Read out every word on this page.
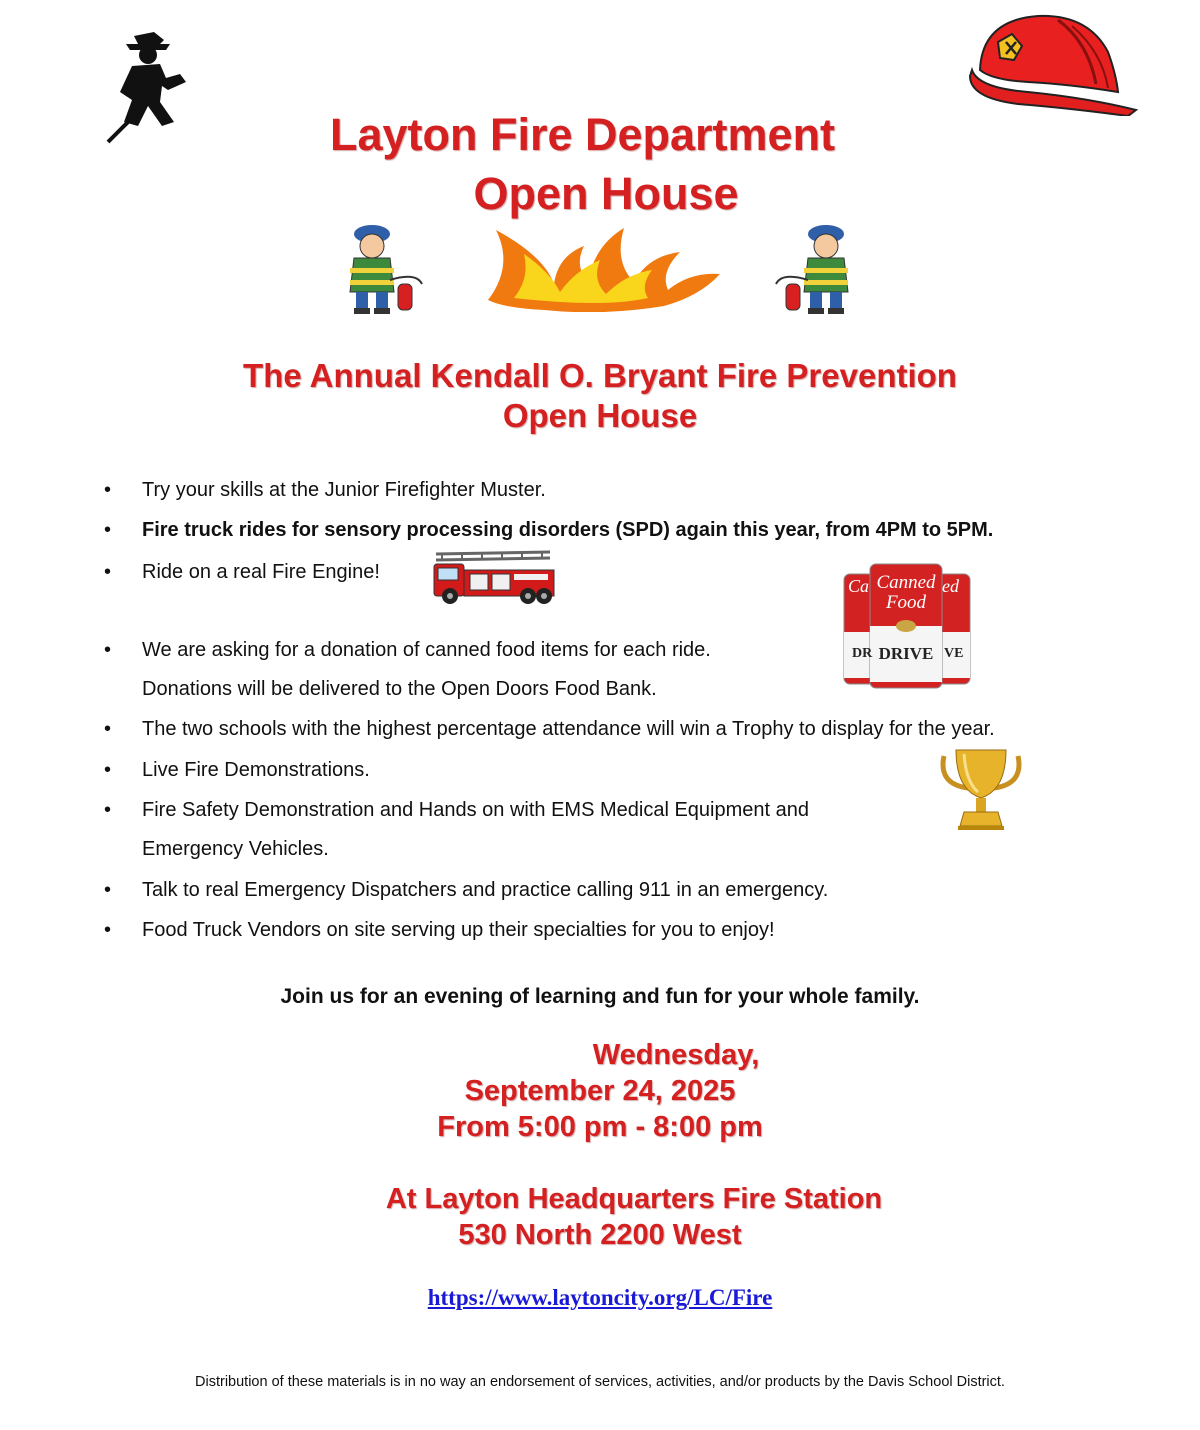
Layton Fire Department
Open House
The Annual Kendall O. Bryant Fire Prevention
Open House
• Try your skills at the Junior Firefighter Muster.
• Fire truck rides for sensory processing disorders (SPD) again this year, from 4PM to 5PM.
• Ride on a real Fire Engine!
• We are asking for a donation of canned food items for each ride.
Donations will be delivered to the Open Doors Food Bank.
• The two schools with the highest percentage attendance will win a Trophy to display for the year.
• Live Fire Demonstrations.
• Fire Safety Demonstration and Hands on with EMS Medical Equipment and
Emergency Vehicles.
• Talk to real Emergency Dispatchers and practice calling 911 in an emergency.
• Food Truck Vendors on site serving up their specialties for you to enjoy!
Ca	ed
Canned
Food
DR	VE
DRIVE
Join us for an evening of learning and fun for your whole family.
Wednesday,
September 24, 2025
From 5:00 pm - 8:00 pm
At Layton Headquarters Fire Station
530 North 2200 West
https://www.laytoncity.org/LC/Fire
Distribution of these materials is in no way an endorsement of services, activities, and/or products by the Davis School District.
